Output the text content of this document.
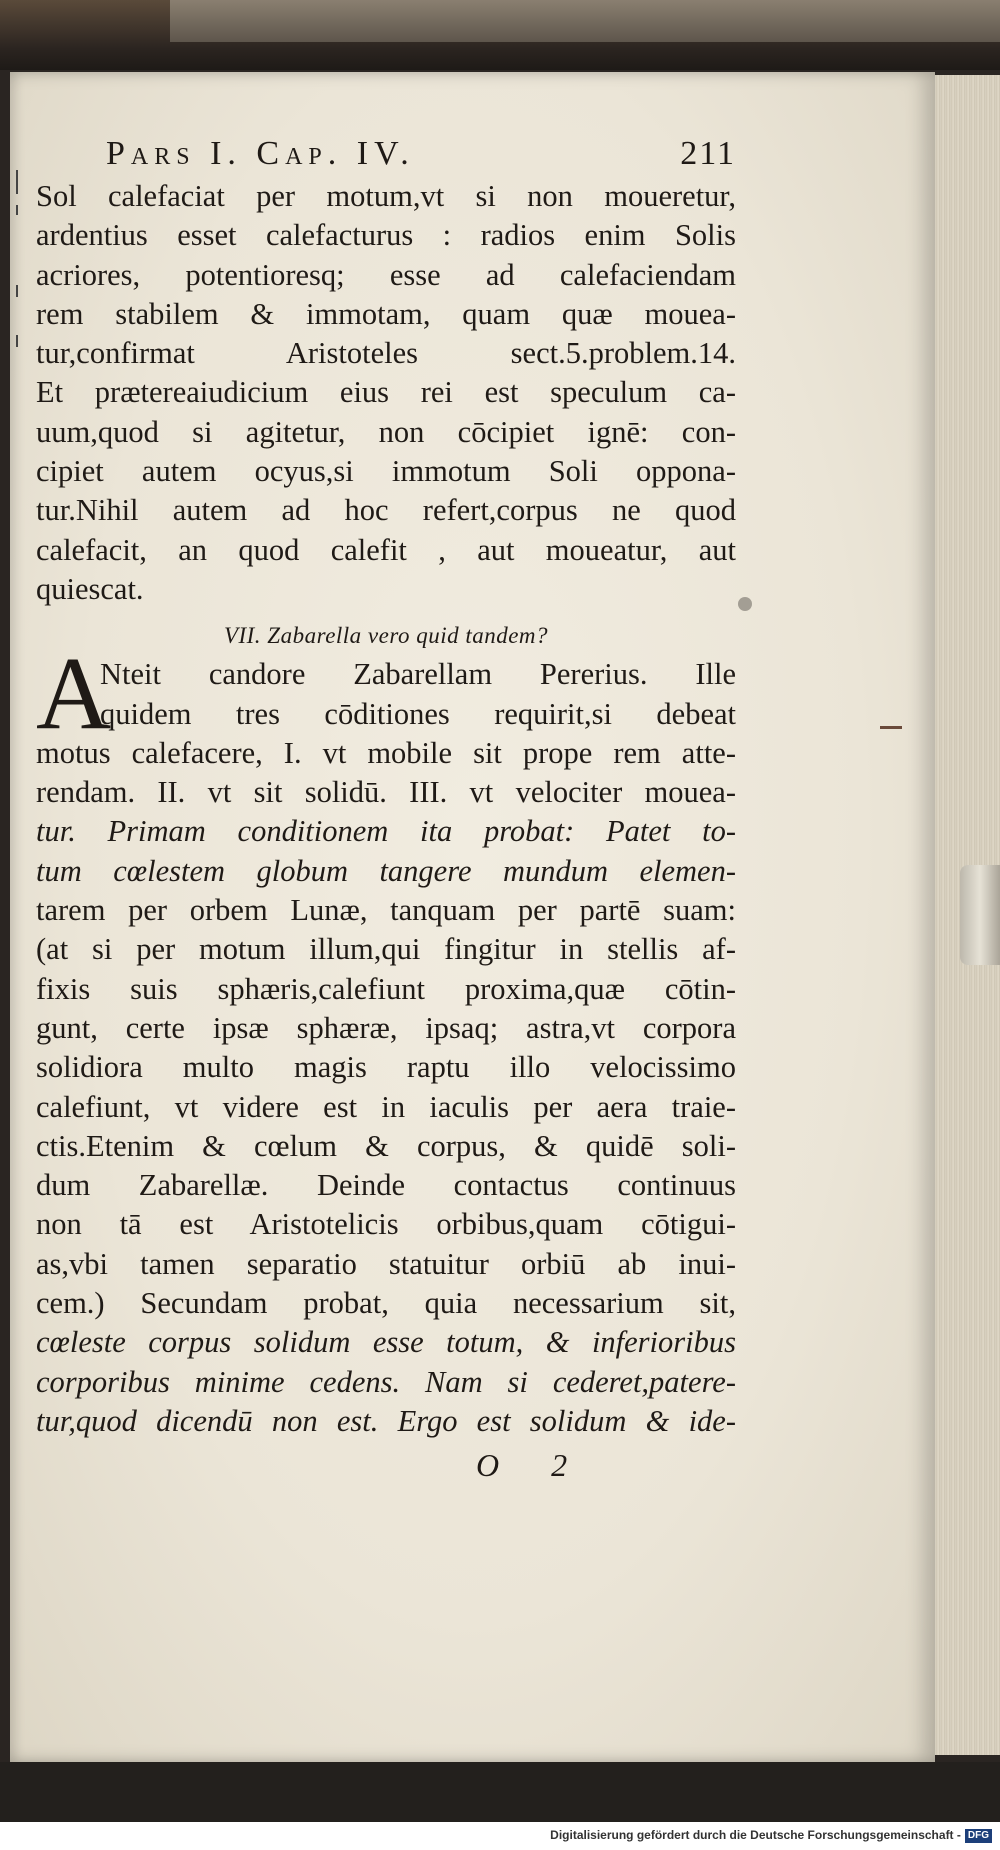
Pars I. Cap. IV.	211
Sol calefaciat per motum,vt si non moueretur,
ardentius esset calefacturus : radios enim Solis
acriores, potentioresq; esse ad calefaciendam
rem stabilem & immotam, quam quæ mouea-
tur,confirmat Aristoteles sect.5.problem.14.
Et prætereaiudicium eius rei est speculum ca-
uum,quod si agitetur, non cōcipiet ignē: con-
cipiet autem ocyus,si immotum Soli oppona-
tur.Nihil autem ad hoc refert,corpus ne quod
calefacit, an quod calefit , aut moueatur, aut
quiescat.
VII. Zabarella vero quid tandem?
A
Nteit candore Zabarellam Pererius. Ille
quidem tres cōditiones requirit,si debeat
motus calefacere, I. vt mobile sit prope rem atte-
rendam. II. vt sit solidū. III. vt velociter mouea-
tur. Primam conditionem ita probat: Patet to-
tum cœlestem globum tangere mundum elemen-
tarem per orbem Lunæ, tanquam per partē suam:
(at si per motum illum,qui fingitur in stellis af-
fixis suis sphæris,calefiunt proxima,quæ cōtin-
gunt, certe ipsæ sphæræ, ipsaq; astra,vt corpora
solidiora multo magis raptu illo velocissimo
calefiunt, vt videre est in iaculis per aera traie-
ctis.Etenim & cœlum & corpus, & quidē soli-
dum Zabarellæ. Deinde contactus continuus
non tā est Aristotelicis orbibus,quam cōtigui-
as,vbi tamen separatio statuitur orbiū ab inui-
cem.) Secundam probat, quia necessarium sit,
cœleste corpus solidum esse totum, & inferioribus
corporibus minime cedens. Nam si cederet,patere-
tur,quod dicendū non est. Ergo est solidum & ide-
O 2
Digitalisierung gefördert durch die Deutsche Forschungsgemeinschaft - DFG
